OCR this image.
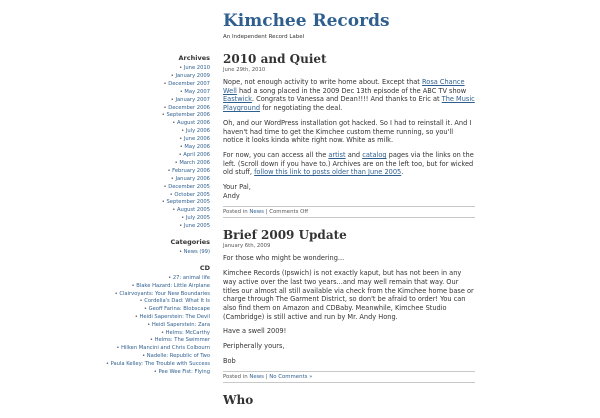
Kimchee Records
An Independent Record Label
Archives
• June 2010
• January 2009
• December 2007
• May 2007
• January 2007
• December 2006
• September 2006
• August 2006
• July 2006
• June 2006
• May 2006
• April 2006
• March 2006
• February 2006
• January 2006
• December 2005
• October 2005
• September 2005
• August 2005
• July 2005
• June 2005
Categories
• News (99)
CD
• 27: animal life
• Blake Hazard: Little Airplane
• Clairvoyants: Your New Boundaries
• Cordelia's Dad: What It Is
• Geoff Farina: Blobscape
• Heidi Saperstein: The Devil
• Heidi Saperstein: Zara
• Helms: McCarthy
• Helms: The Swimmer
• Hilken Mancini and Chris Colbourn
• Nadelle: Republic of Two
• Paula Kelley: The Trouble with Success
• Pee Wee Fist: Flying
2010 and Quiet
June 29th, 2010

Nope, not enough activity to write home about. Except that Rosa Chance Well had a song placed in the 2009 Dec 13th episode of the ABC TV show Eastwick. Congrats to Vanessa and Dean!!!! And thanks to Eric at The Music Playground for negotiating the deal.

Oh, and our WordPress installation got hacked. So I had to reinstall it. And I haven't had time to get the Kimchee custom theme running, so you'll notice it looks kinda white right now. White as milk.

For now, you can access all the artist and catalog pages via the links on the left. (Scroll down if you have to.) Archives are on the left too, but for wicked old stuff, follow this link to posts older than June 2005.

Your Pal,
Andy

Posted in News | Comments Off
Brief 2009 Update
January 6th, 2009

For those who might be wondering...

Kimchee Records (Ipswich) is not exactly kaput, but has not been in any way active over the last two years...and may well remain that way. Our titles our almost all still available via check from the Kimchee home base or charge through The Garment District, so don't be afraid to order! You can also find them on Amazon and CDBaby. Meanwhile, Kimchee Studio (Cambridge) is still active and run by Mr. Andy Hong.

Have a swell 2009!

Peripherally yours,

Bob

Posted in News | No Comments »
Who
